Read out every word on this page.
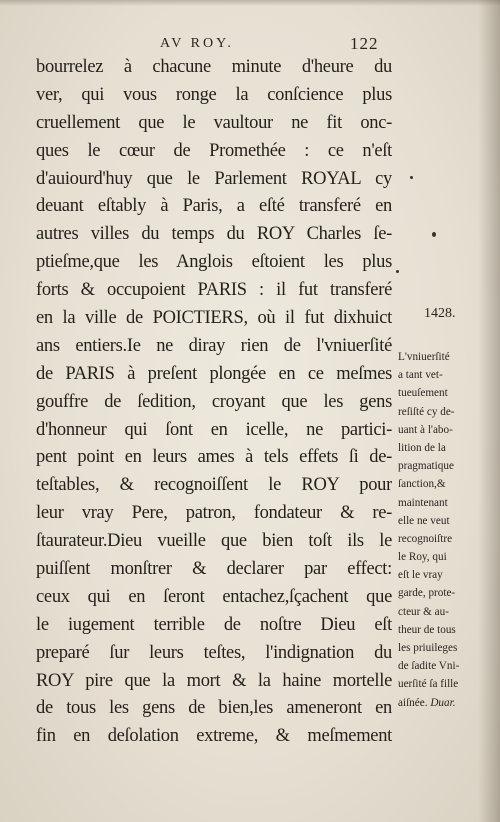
AV ROY.	122
bourrelez à chacune minute d'heure du
ver, qui vous ronge la conſcience plus
cruellement que le vaultour ne fit onc-
ques le cœur de Promethée : ce n'eſt
d'auiourd'huy que le Parlement ROYAL cy
deuant eſtably à Paris, a eſté transferé en
autres villes du temps du ROY Charles ſe-
ptieſme,que les Anglois eſtoient les plus
forts & occupoient PARIS : il fut transferé
en la ville de POICTIERS, où il fut dixhuict
ans entiers.Ie ne diray rien de l'vniuerſité
de PARIS à preſent plongée en ce meſmes
gouffre de ſedition, croyant que les gens
d'honneur qui ſont en icelle, ne partici-
pent point en leurs ames à tels effets ſi de-
teſtables, & recognoiſſent le ROY pour
leur vray Pere, patron, fondateur & re-
ſtaurateur.Dieu vueille que bien toſt ils le
puiſſent monſtrer & declarer par effect:
ceux qui en ſeront entachez,ſçachent que
le iugement terrible de noſtre Dieu eſt
preparé ſur leurs teſtes, l'indignation du
ROY pire que la mort & la haine mortelle
de tous les gens de bien,les ameneront en
fin en deſolation extreme, & meſmement
1428.
L'vniuerſité
a tant vet-
tueuſement
reſiſté cy de-
uant à l'abo-
lition de la
pragmatique
ſanction,&
maintenant
elle ne veut
recognoiſtre
le Roy, qui
eſt le vray
garde, prote-
cteur & au-
theur de tous
les priuileges
de ſadite Vni-
uerſité ſa fille
aiſnée. Duar.
